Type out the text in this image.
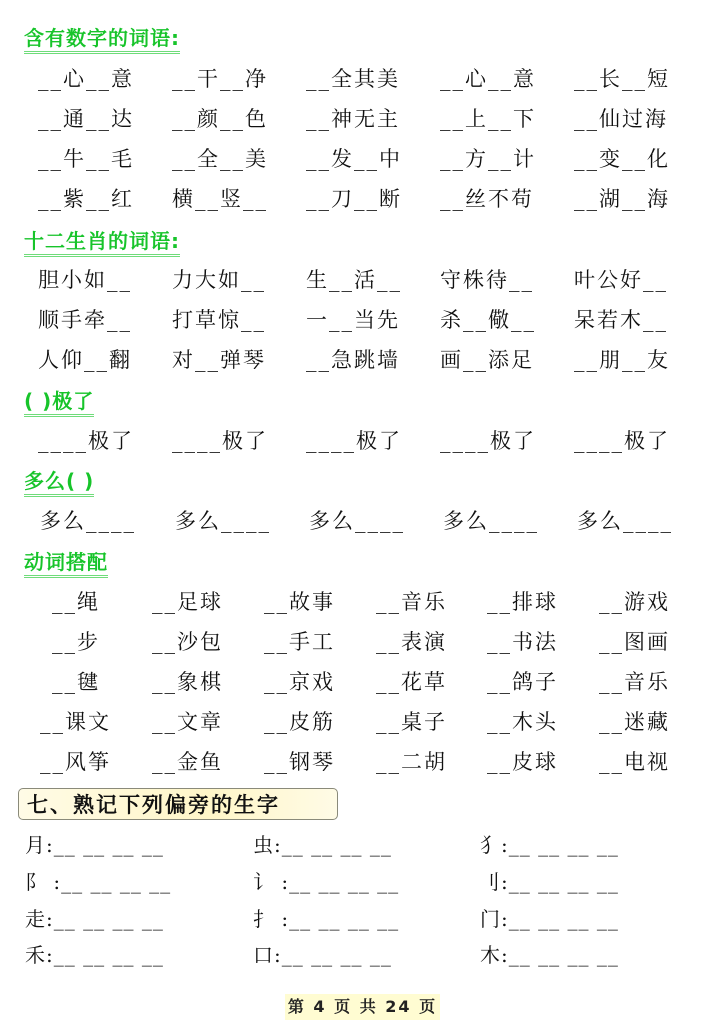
含有数字的词语:
__心__意 __干__净 __全其美 __心__意 __长__短
__通__达 __颜__色 __神无主 __上__下 __仙过海
__牛__毛 __全__美 __发__中 __方__计 __变__化
__紫__红 横__竖__ __刀__断 __丝不苟 __湖__海
十二生肖的词语:
胆小如__ 力大如__ 生__活__ 守株待__ 叶公好__
顺手牵__ 打草惊__ 一__当先 杀__儆__ 呆若木__
人仰__翻 对__弹琴 __急跳墙 画__添足 __朋__友
( )极了
____极了 ____极了 ____极了 ____极了 ____极了
多么( )
多么____ 多么____ 多么____ 多么____ 多么____
动词搭配
__绳 __足球 __故事 __音乐 __排球 __游戏
__步 __沙包 __手工 __表演 __书法 __图画
__毽 __象棋 __京戏 __花草 __鸽子 __音乐
__课文 __文章 __皮筋 __桌子 __木头 __迷藏
__风筝 __金鱼 __钢琴 __二胡 __皮球 __电视
七、熟记下列偏旁的生字
月:__ __ __ __	虫:__ __ __ __	犭:__ __ __ __
阝 :__ __ __ __	讠 :__ __ __ __	刂:__ __ __ __
走:__ __ __ __	扌 :__ __ __ __	门:__ __ __ __
禾:__ __ __ __	口:__ __ __ __	木:__ __ __ __
第 4 页 共 24 页
